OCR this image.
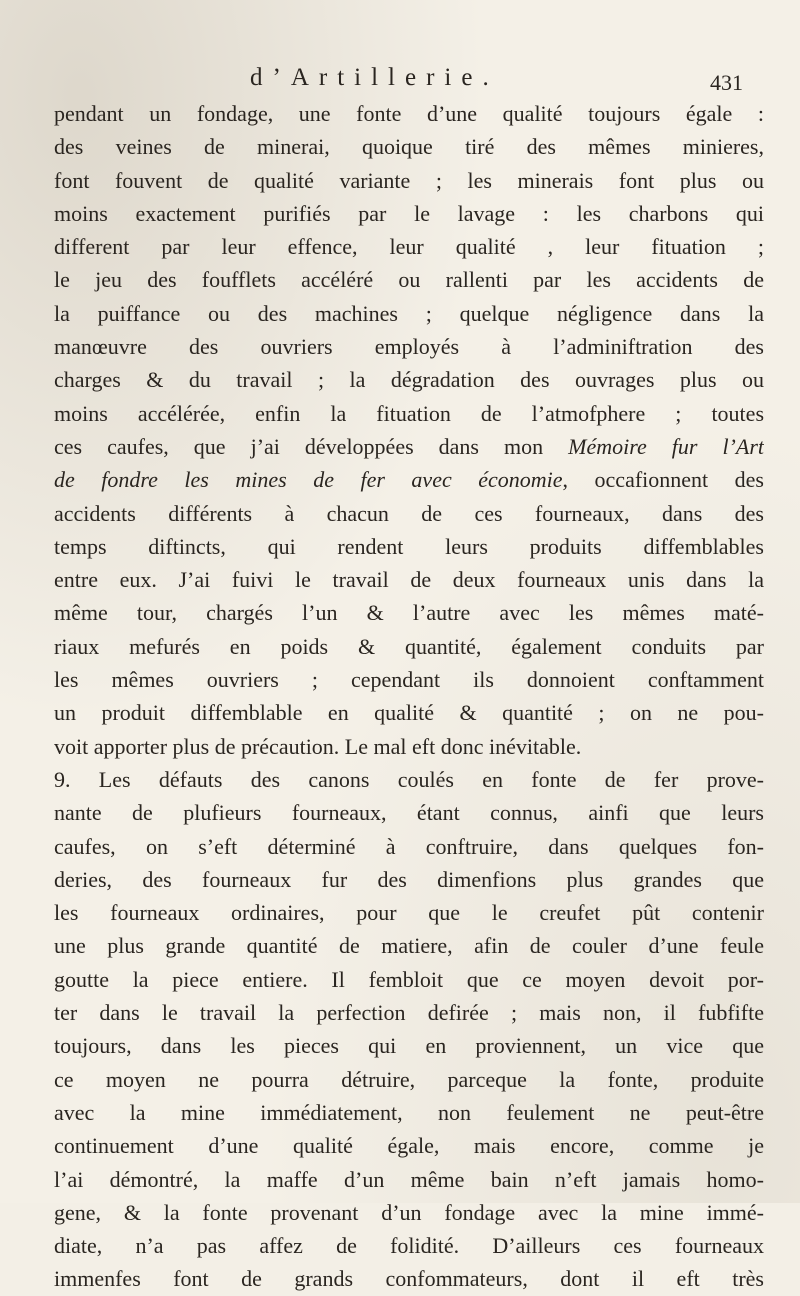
d’Artillerie.	431
pendant un fondage, une fonte d’une qualité toujours égale :
des veines de minerai, quoique tiré des mêmes minieres,
font fouvent de qualité variante ; les minerais font plus ou
moins exactement purifiés par le lavage : les charbons qui
different par leur effence, leur qualité , leur fituation ;
le jeu des foufflets accéléré ou rallenti par les accidents de
la puiffance ou des machines ; quelque négligence dans la
manœuvre des ouvriers employés à l’adminiftration des
charges & du travail ; la dégradation des ouvrages plus ou
moins accélérée, enfin la fituation de l’atmofphere ; toutes
ces caufes, que j’ai développées dans mon Mémoire fur l’Art
de fondre les mines de fer avec économie, occafionnent des
accidents différents à chacun de ces fourneaux, dans des
temps diftincts, qui rendent leurs produits diffemblables
entre eux. J’ai fuivi le travail de deux fourneaux unis dans la
même tour, chargés l’un & l’autre avec les mêmes maté-
riaux mefurés en poids & quantité, également conduits par
les mêmes ouvriers ; cependant ils donnoient conftamment
un produit diffemblable en qualité & quantité ; on ne pou-
voit apporter plus de précaution. Le mal eft donc inévitable.
9. Les défauts des canons coulés en fonte de fer prove-
nante de plufieurs fourneaux, étant connus, ainfi que leurs
caufes, on s’eft déterminé à conftruire, dans quelques fon-
deries, des fourneaux fur des dimenfions plus grandes que
les fourneaux ordinaires, pour que le creufet pût contenir
une plus grande quantité de matiere, afin de couler d’une feule
goutte la piece entiere. Il fembloit que ce moyen devoit por-
ter dans le travail la perfection defirée ; mais non, il fubfifte
toujours, dans les pieces qui en proviennent, un vice que
ce moyen ne pourra détruire, parceque la fonte, produite
avec la mine immédiatement, non feulement ne peut-être
continuement d’une qualité égale, mais encore, comme je
l’ai démontré, la maffe d’un même bain n’eft jamais homo-
gene, & la fonte provenant d’un fondage avec la mine immé-
diate, n’a pas affez de folidité. D’ailleurs ces fourneaux
immenfes font de grands confommateurs, dont il eft très
